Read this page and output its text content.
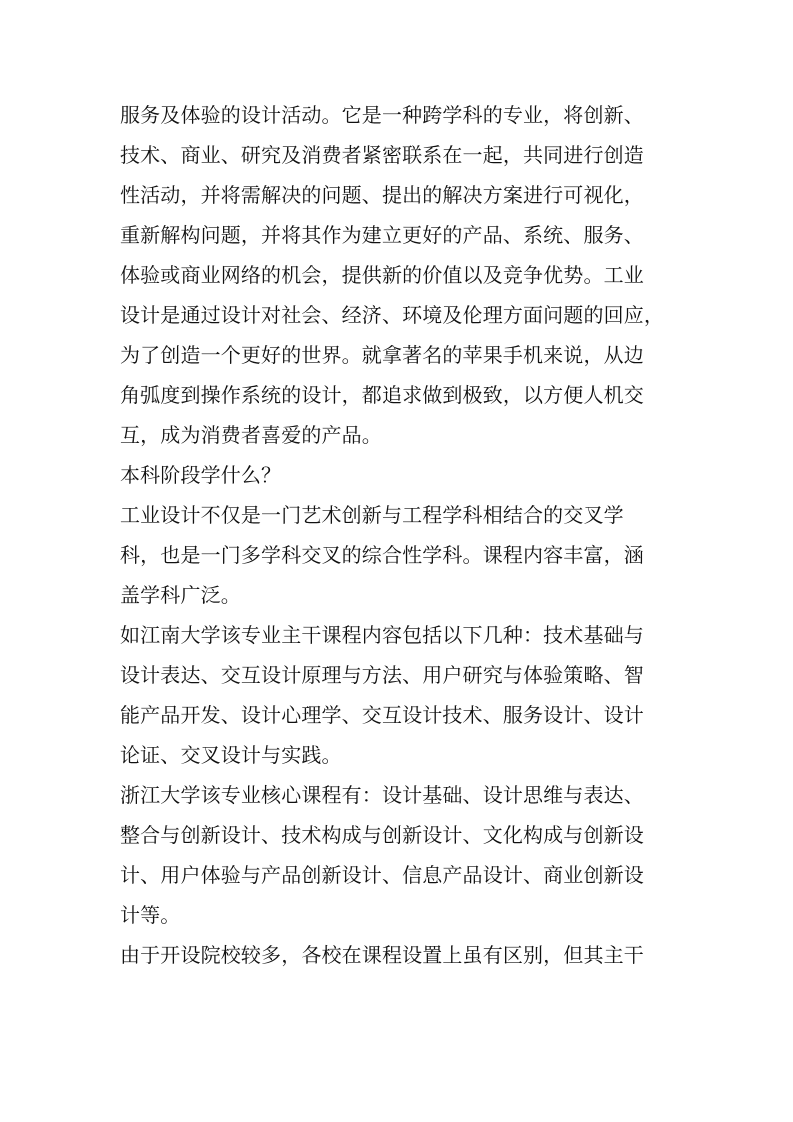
服务及体验的设计活动。它是一种跨学科的专业，将创新、
技术、商业、研究及消费者紧密联系在一起，共同进行创造
性活动，并将需解决的问题、提出的解决方案进行可视化，
重新解构问题，并将其作为建立更好的产品、系统、服务、
体验或商业网络的机会，提供新的价值以及竞争优势。工业
设计是通过设计对社会、经济、环境及伦理方面问题的回应，
为了创造一个更好的世界。就拿著名的苹果手机来说，从边
角弧度到操作系统的设计，都追求做到极致，以方便人机交
互，成为消费者喜爱的产品。
本科阶段学什么？
工业设计不仅是一门艺术创新与工程学科相结合的交叉学
科，也是一门多学科交叉的综合性学科。课程内容丰富，涵
盖学科广泛。
如江南大学该专业主干课程内容包括以下几种：技术基础与
设计表达、交互设计原理与方法、用户研究与体验策略、智
能产品开发、设计心理学、交互设计技术、服务设计、设计
论证、交叉设计与实践。
浙江大学该专业核心课程有：设计基础、设计思维与表达、
整合与创新设计、技术构成与创新设计、文化构成与创新设
计、用户体验与产品创新设计、信息产品设计、商业创新设
计等。
由于开设院校较多，各校在课程设置上虽有区别，但其主干
